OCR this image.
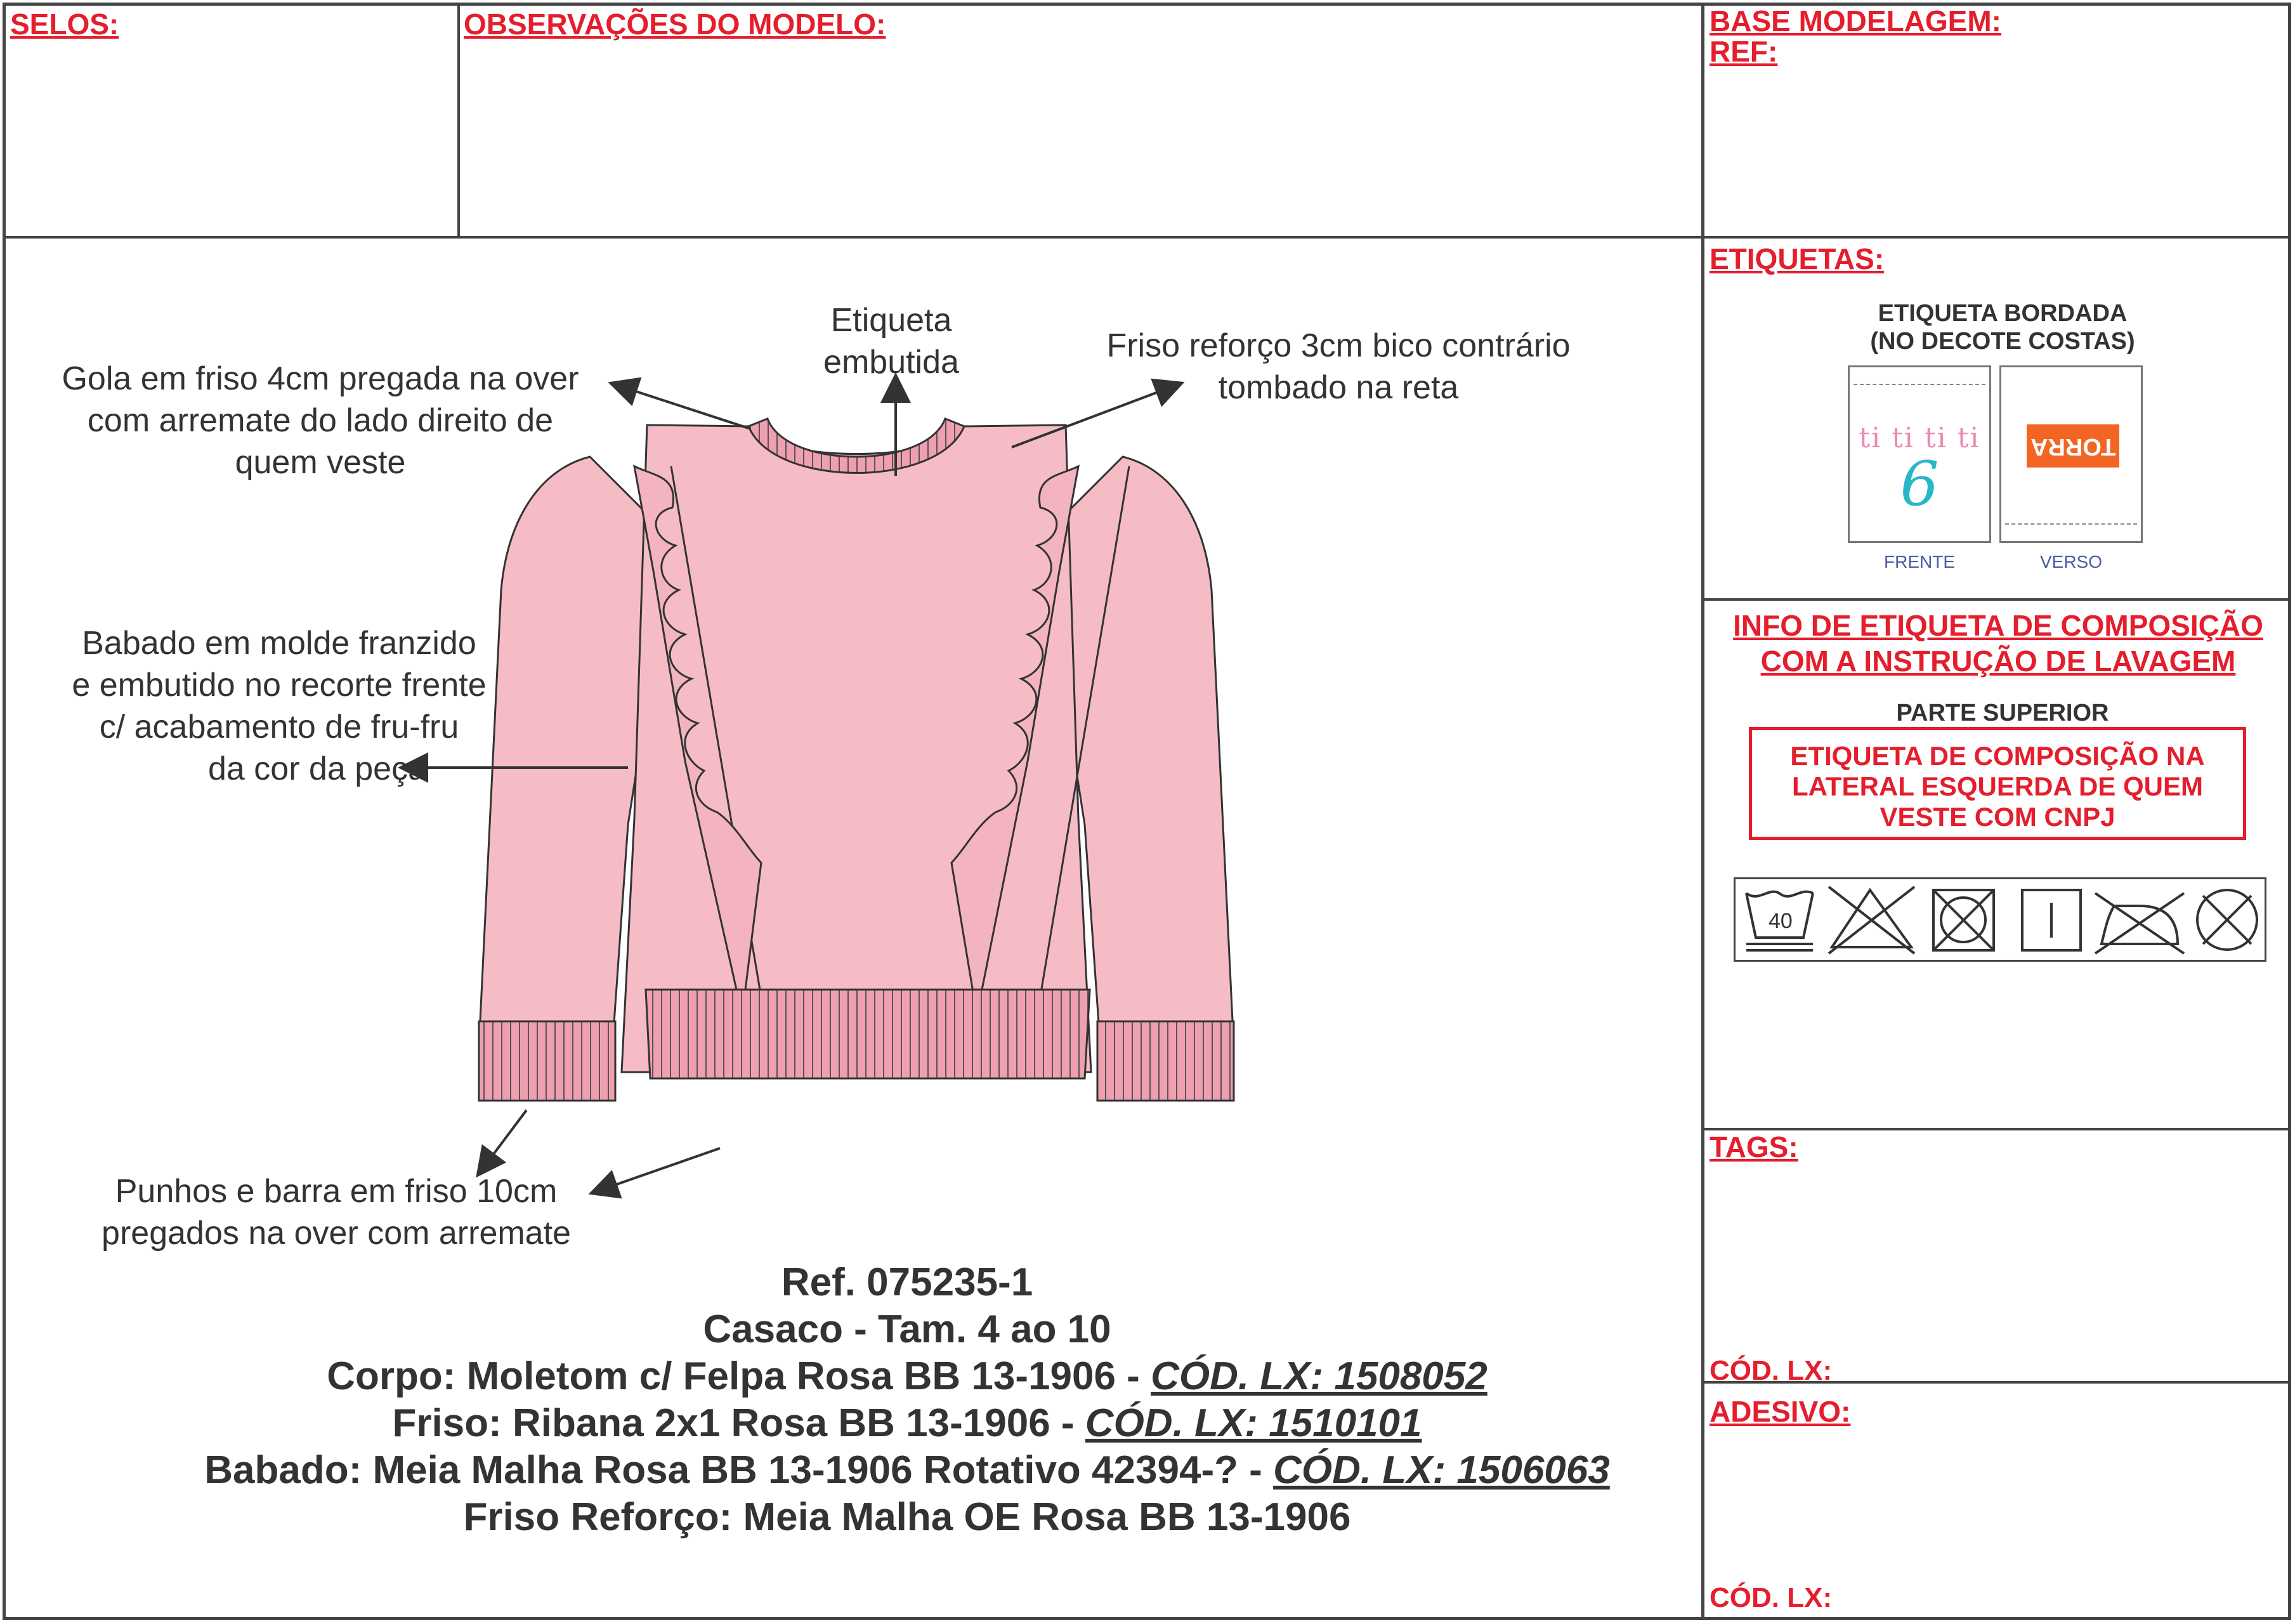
SELOS:	OBSERVAÇÕES DO MODELO:	BASE MODELAGEM:
REF:
Etiqueta
embutida
Gola em friso 4cm pregada na over
com arremate do lado direito de
quem veste
Friso reforço 3cm bico contrário
tombado na reta
Babado em molde franzido
e embutido no recorte frente
c/ acabamento de fru-fru
da cor da peça
Punhos e barra em friso 10cm
pregados na over com arremate
Ref. 075235-1
Casaco - Tam. 4 ao 10
Corpo: Moletom c/ Felpa Rosa BB 13-1906 - CÓD. LX: 1508052
Friso: Ribana 2x1 Rosa BB 13-1906 - CÓD. LX: 1510101
Babado: Meia Malha Rosa BB 13-1906 Rotativo 42394-? - CÓD. LX: 1506063
Friso Reforço: Meia Malha OE Rosa BB 13-1906
ETIQUETAS:
ETIQUETA BORDADA
(NO DECOTE COSTAS)
ti ti ti ti
6
TORRA
FRENTE	VERSO
INFO DE ETIQUETA DE COMPOSIÇÃO
COM A INSTRUÇÃO DE LAVAGEM
PARTE SUPERIOR
ETIQUETA DE COMPOSIÇÃO NA
LATERAL ESQUERDA DE QUEM
VESTE COM CNPJ
40
TAGS:
CÓD. LX:
ADESIVO:
CÓD. LX:
